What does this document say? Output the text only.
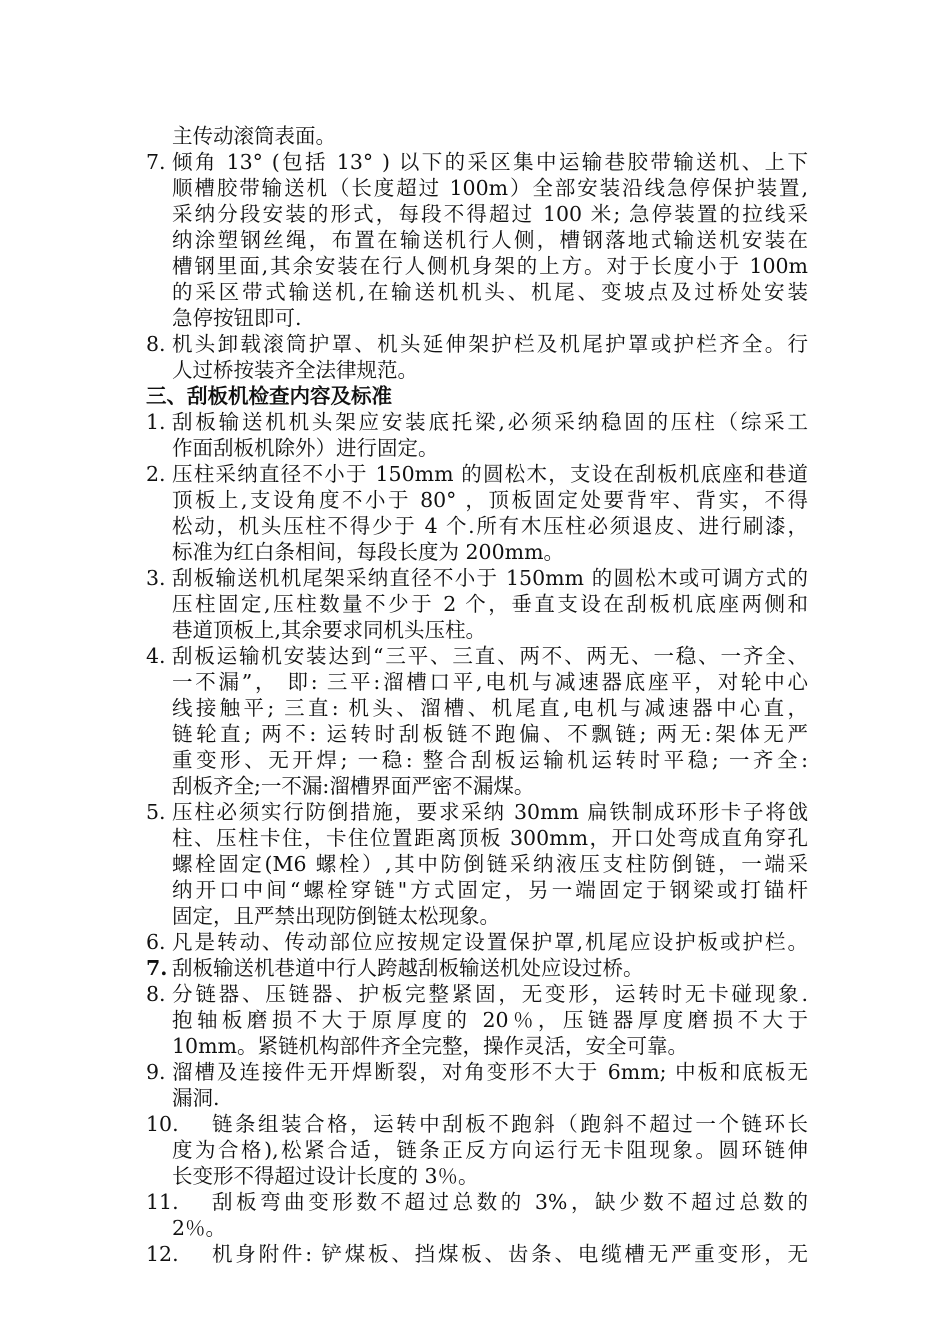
主传动滚筒表面。
7. 倾角 13° (包括 13° ) 以下的采区集中运输巷胶带输送机、上下
顺槽胶带输送机（长度超过 100m）全部安装沿线急停保护装置,
采纳分段安装的形式，每段不得超过 100 米; 急停装置的拉线采
纳涂塑钢丝绳，布置在输送机行人侧，槽钢落地式输送机安装在
槽钢里面,其余安装在行人侧机身架的上方。对于长度小于 100m
的采区带式输送机,在输送机机头、机尾、变坡点及过桥处安装
急停按钮即可.
8. 机头卸载滚筒护罩、机头延伸架护栏及机尾护罩或护栏齐全。行
人过桥按装齐全法律规范。
三、刮板机检查内容及标准
1. 刮板输送机机头架应安装底托梁,必须采纳稳固的压柱（综采工
作面刮板机除外）进行固定。
2. 压柱采纳直径不小于 150mm 的圆松木，支设在刮板机底座和巷道
顶板上,支设角度不小于 80° ，顶板固定处要背牢、背实，不得
松动，机头压柱不得少于 4 个.所有木压柱必须退皮、进行刷漆，
标准为红白条相间，每段长度为 200mm。
3. 刮板输送机机尾架采纳直径不小于 150mm 的圆松木或可调方式的
压柱固定,压柱数量不少于 2 个，垂直支设在刮板机底座两侧和
巷道顶板上,其余要求同机头压柱。
4. 刮板运输机安装达到“三平、三直、两不、两无、一稳、一齐全、
一不漏”， 即: 三平:溜槽口平,电机与减速器底座平，对轮中心
线接触平; 三直: 机头、溜槽、机尾直,电机与减速器中心直，
链轮直; 两不: 运转时刮板链不跑偏、不飘链; 两无:架体无严
重变形、无开焊; 一稳: 整合刮板运输机运转时平稳; 一齐全:
刮板齐全;一不漏:溜槽界面严密不漏煤。
5. 压柱必须实行防倒措施，要求采纳 30mm 扁铁制成环形卡子将戗
柱、压柱卡住，卡住位置距离顶板 300mm，开口处弯成直角穿孔
螺栓固定(M6 螺栓）,其中防倒链采纳液压支柱防倒链，一端采
纳开口中间“螺栓穿链"方式固定，另一端固定于钢梁或打锚杆
固定，且严禁出现防倒链太松现象。
6. 凡是转动、传动部位应按规定设置保护罩,机尾应设护板或护栏。
7. 刮板输送机巷道中行人跨越刮板输送机处应设过桥。
8. 分链器、压链器、护板完整紧固，无变形，运转时无卡碰现象.
抱轴板磨损不大于原厚度的 20％，压链器厚度磨损不大于
10mm。紧链机构部件齐全完整，操作灵活，安全可靠。
9. 溜槽及连接件无开焊断裂，对角变形不大于 6mm; 中板和底板无
漏洞.
10.	链条组装合格，运转中刮板不跑斜（跑斜不超过一个链环长
度为合格),松紧合适，链条正反方向运行无卡阻现象。圆环链伸
长变形不得超过设计长度的 3％。
11.	刮板弯曲变形数不超过总数的 3%，缺少数不超过总数的
2％。
12.	机身附件: 铲煤板、挡煤板、齿条、电缆槽无严重变形，无
